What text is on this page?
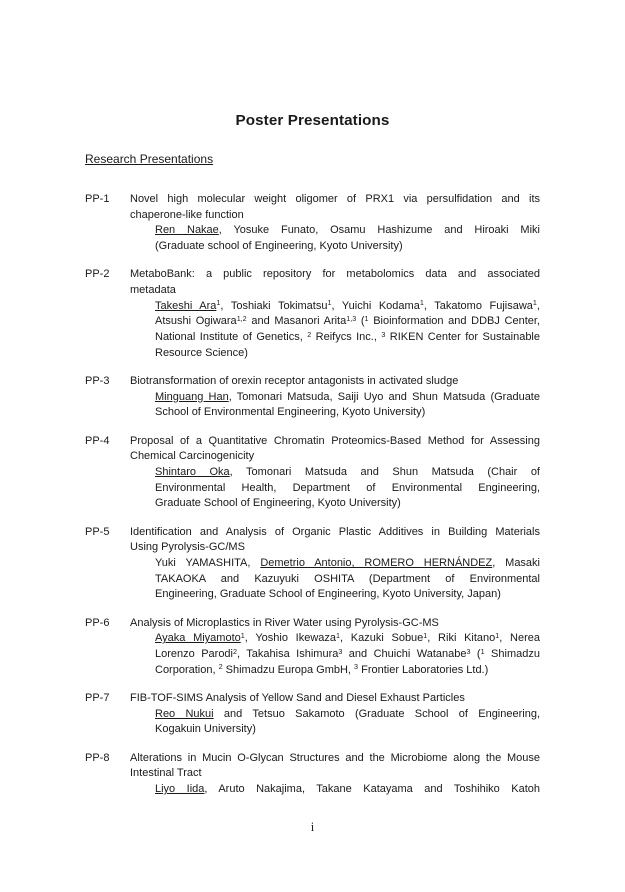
Poster Presentations
Research Presentations
PP-1	Novel high molecular weight oligomer of PRX1 via persulfidation and its
chaperone-like function
Ren Nakae, Yosuke Funato, Osamu Hashizume and Hiroaki Miki
(Graduate school of Engineering, Kyoto University)
PP-2	MetaboBank: a public repository for metabolomics data and associated
metadata
Takeshi Ara$^1$, Toshiaki Tokimatsu$^1$, Yuichi Kodama$^1$, Takatomo Fujisawa$^1$,
Atsushi Ogiwara$^{1,2}$ and Masanori Arita$^{1,3}$ ($^1$ Bioinformation and DDBJ Center,
National Institute of Genetics, $^2$ Reifycs Inc., $^3$ RIKEN Center for Sustainable
Resource Science)
PP-3	Biotransformation of orexin receptor antagonists in activated sludge
Minguang Han, Tomonari Matsuda, Saiji Uyo and Shun Matsuda (Graduate
School of Environmental Engineering, Kyoto University)
PP-4	Proposal of a Quantitative Chromatin Proteomics-Based Method for Assessing
Chemical Carcinogenicity
Shintaro Oka, Tomonari Matsuda and Shun Matsuda (Chair of
Environmental Health, Department of Environmental Engineering,
Graduate School of Engineering, Kyoto University)
PP-5	Identification and Analysis of Organic Plastic Additives in Building Materials
Using Pyrolysis-GC/MS
Yuki YAMASHITA, Demetrio Antonio, ROMERO HERNÁNDEZ, Masaki
TAKAOKA and Kazuyuki OSHITA (Department of Environmental
Engineering, Graduate School of Engineering, Kyoto University, Japan)
PP-6	Analysis of Microplastics in River Water using Pyrolysis-GC-MS
Ayaka Miyamoto$^1$, Yoshio Ikewaza$^1$, Kazuki Sobue$^1$, Riki Kitano$^1$, Nerea
Lorenzo Parodi$^2$, Takahisa Ishimura$^3$ and Chuichi Watanabe$^3$ ($^1$ Shimadzu
Corporation, $^2$ Shimadzu Europa GmbH, $^3$ Frontier Laboratories Ltd.)
PP-7	FIB-TOF-SIMS Analysis of Yellow Sand and Diesel Exhaust Particles
Reo Nukui and Tetsuo Sakamoto (Graduate School of Engineering,
Kogakuin University)
PP-8	Alterations in Mucin O-Glycan Structures and the Microbiome along the Mouse
Intestinal Tract
Liyo Iida, Aruto Nakajima, Takane Katayama and Toshihiko Katoh
i
